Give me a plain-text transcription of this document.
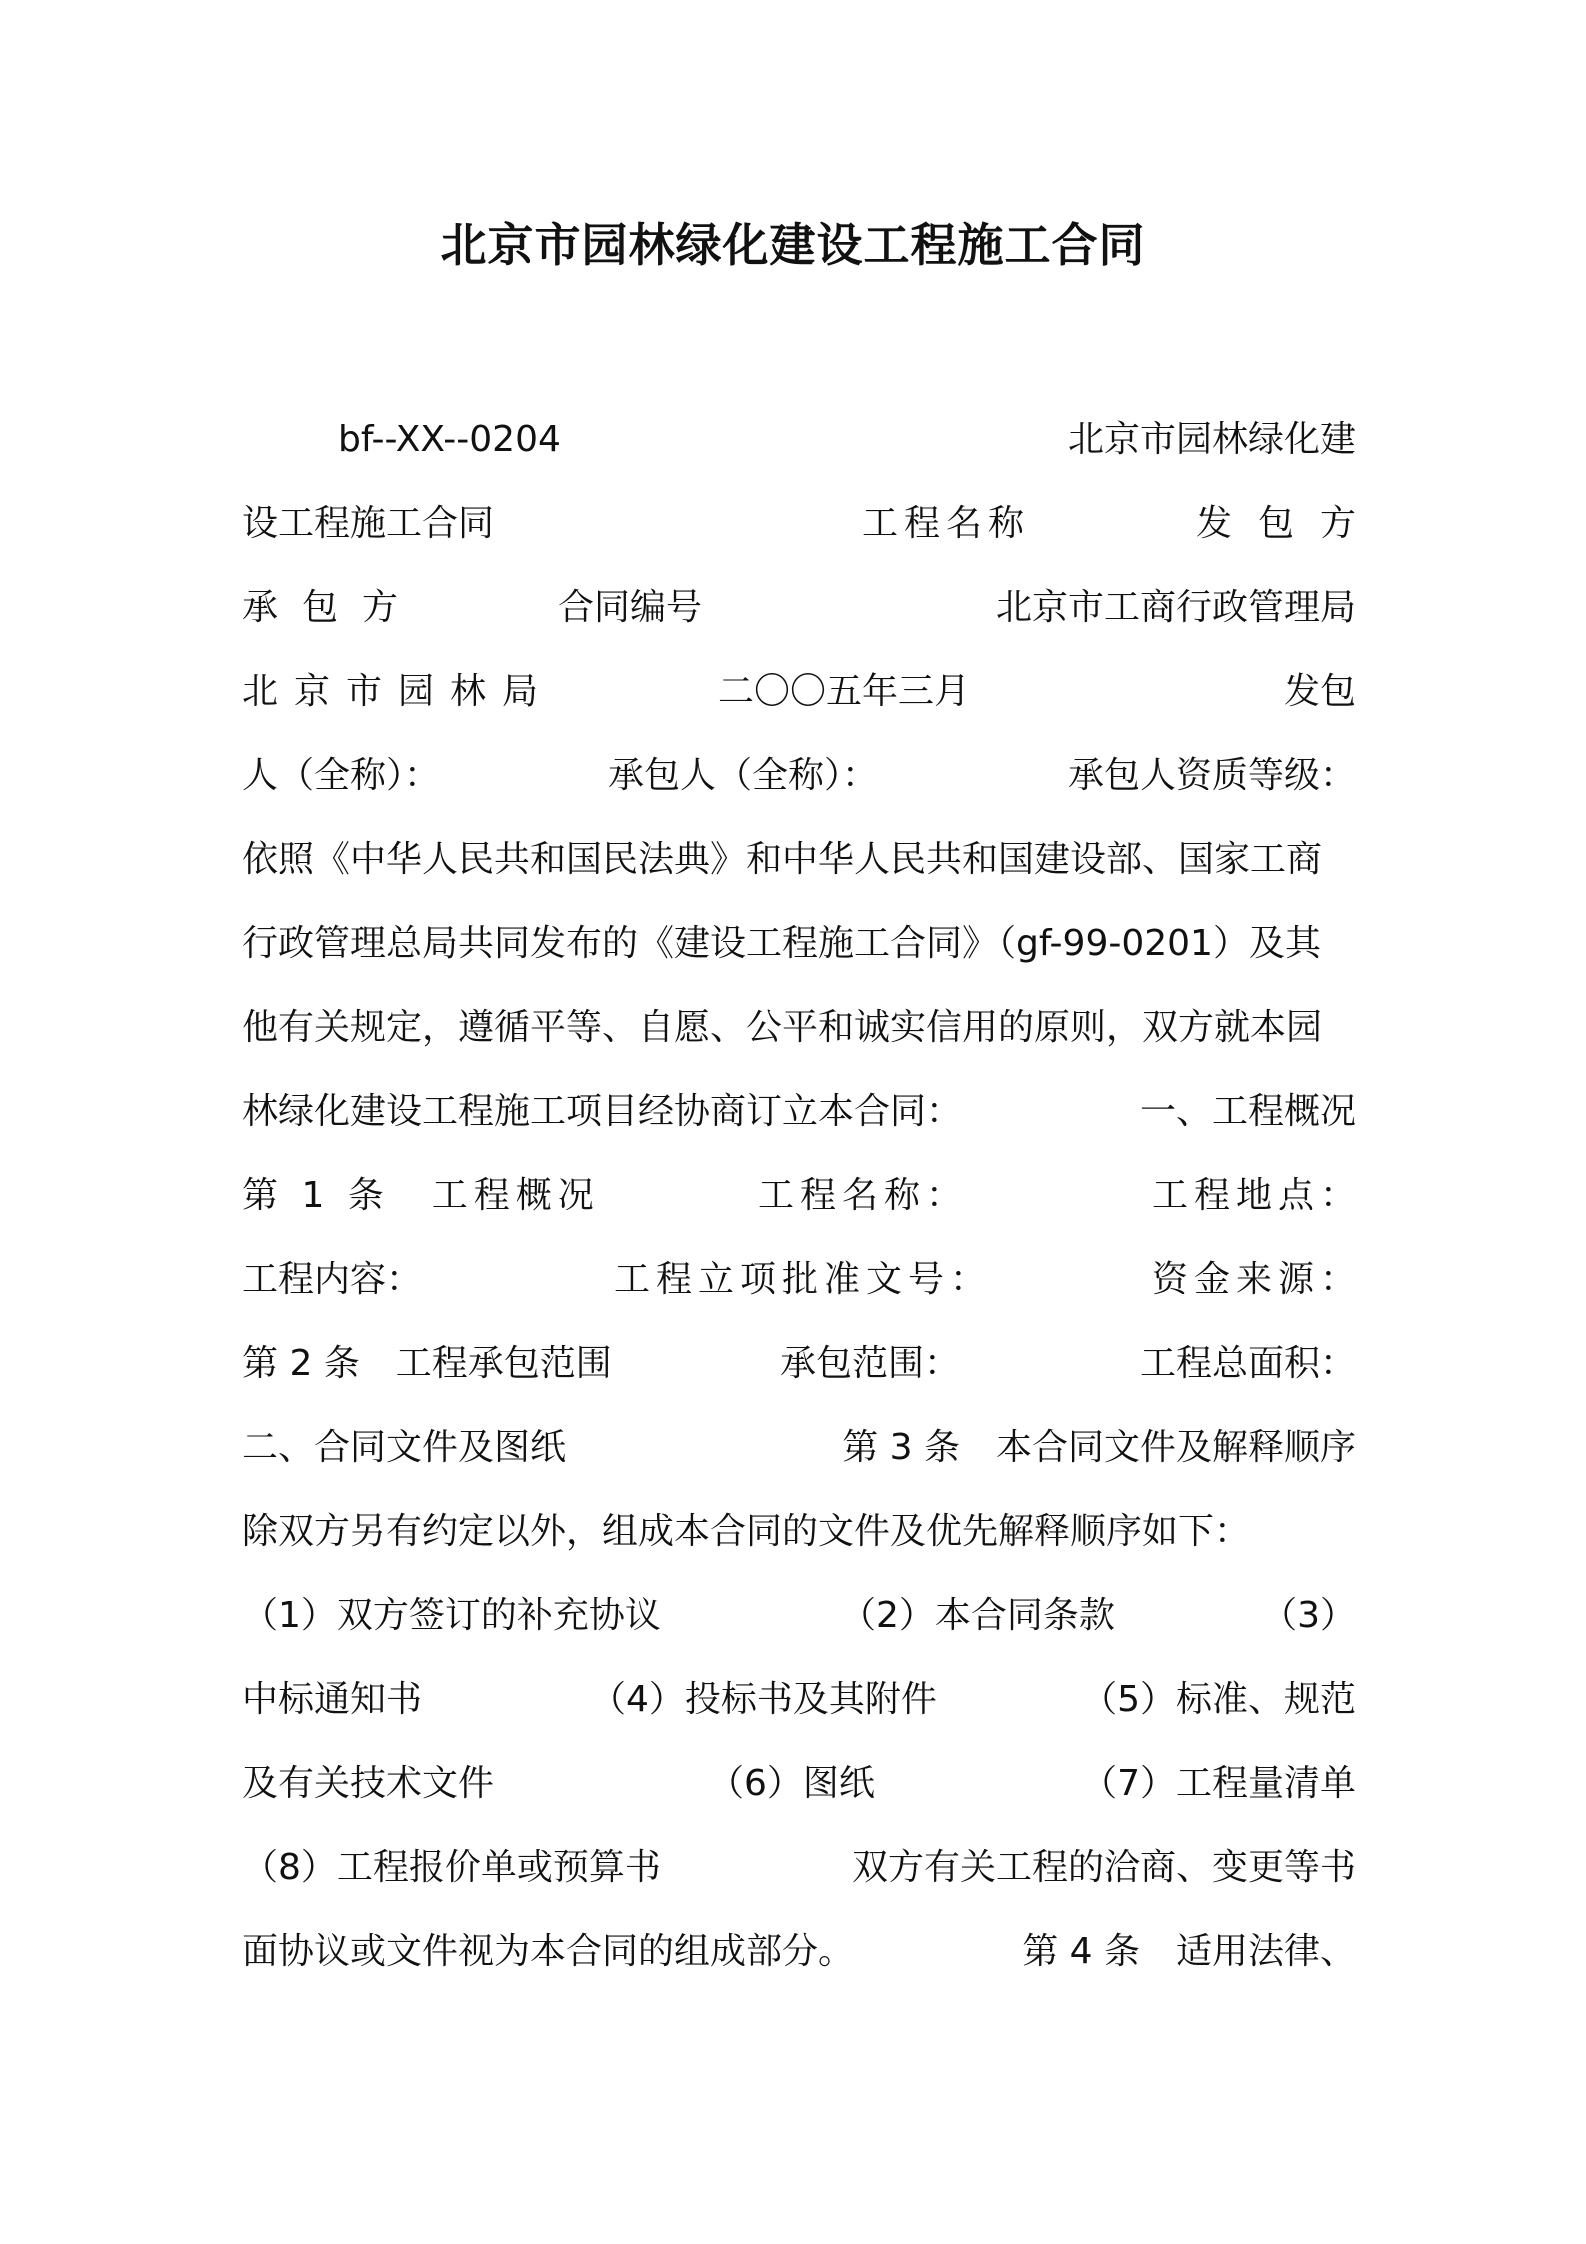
北京市园林绿化建设工程施工合同
bf--XX--0204	北京市园林绿化建
设工程施工合同	工程名称	发包方
承包方	合同编号	北京市工商行政管理局
北京市园林局	二〇〇五年三月	发包
人（全称）：	承包人（全称）：	承包人资质等级：
依照《中华人民共和国民法典》和中华人民共和国建设部、国家工商
行政管理总局共同发布的《建设工程施工合同》（gf-99-0201）及其
他有关规定，遵循平等、自愿、公平和诚实信用的原则，双方就本园
林绿化建设工程施工项目经协商订立本合同：	一、工程概况
第 1 条　工程概况	工程名称：	工程地点：
工程内容：	工程立项批准文号：	资金来源：
第 2 条　工程承包范围	承包范围：	工程总面积：
二、合同文件及图纸	第 3 条　本合同文件及解释顺序
除双方另有约定以外，组成本合同的文件及优先解释顺序如下：
（1）双方签订的补充协议	（2）本合同条款	（3）
中标通知书	（4）投标书及其附件	（5）标准、规范
及有关技术文件	（6）图纸	（7）工程量清单
（8）工程报价单或预算书	双方有关工程的洽商、变更等书
面协议或文件视为本合同的组成部分。	第 4 条　适用法律、
